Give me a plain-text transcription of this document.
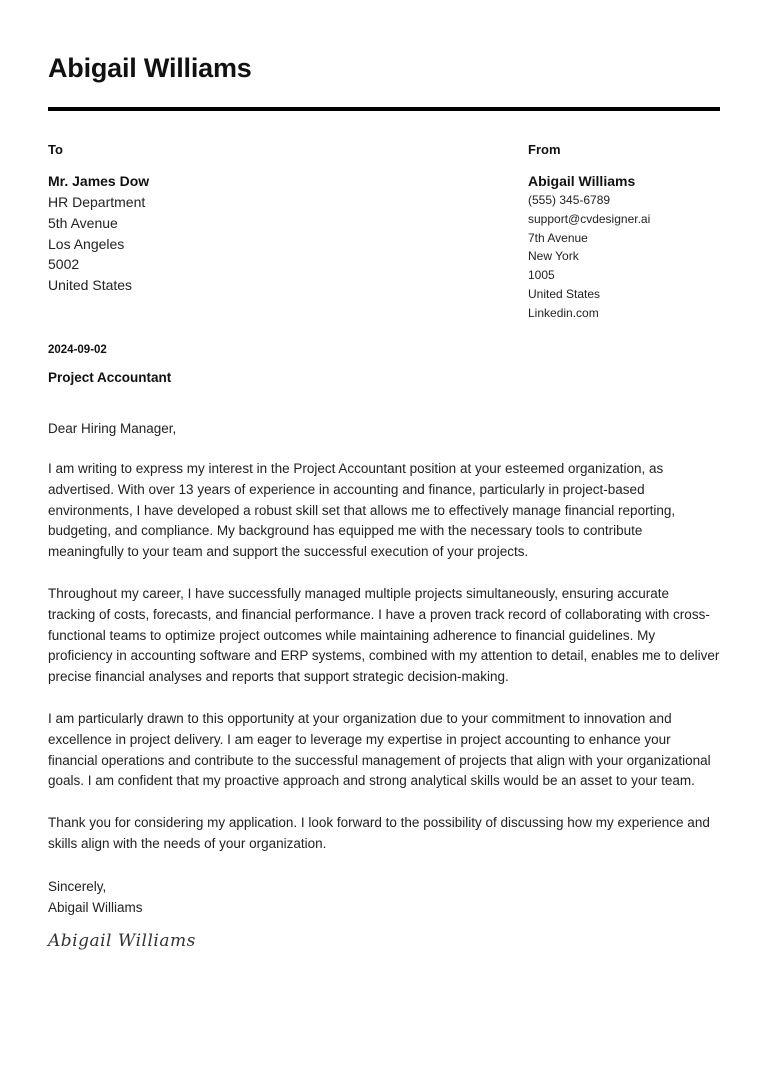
Abigail Williams
To
Mr. James Dow
HR Department
5th Avenue
Los Angeles
5002
United States
From
Abigail Williams
(555) 345-6789
support@cvdesigner.ai
7th Avenue
New York
1005
United States
Linkedin.com
2024-09-02
Project Accountant
Dear Hiring Manager,

I am writing to express my interest in the Project Accountant position at your esteemed organization, as advertised. With over 13 years of experience in accounting and finance, particularly in project-based environments, I have developed a robust skill set that allows me to effectively manage financial reporting, budgeting, and compliance. My background has equipped me with the necessary tools to contribute meaningfully to your team and support the successful execution of your projects.

Throughout my career, I have successfully managed multiple projects simultaneously, ensuring accurate tracking of costs, forecasts, and financial performance. I have a proven track record of collaborating with cross-functional teams to optimize project outcomes while maintaining adherence to financial guidelines. My proficiency in accounting software and ERP systems, combined with my attention to detail, enables me to deliver precise financial analyses and reports that support strategic decision-making.

I am particularly drawn to this opportunity at your organization due to your commitment to innovation and excellence in project delivery. I am eager to leverage my expertise in project accounting to enhance your financial operations and contribute to the successful management of projects that align with your organizational goals. I am confident that my proactive approach and strong analytical skills would be an asset to your team.

Thank you for considering my application. I look forward to the possibility of discussing how my experience and skills align with the needs of your organization.

Sincerely,
Abigail Williams
Abigail Williams
